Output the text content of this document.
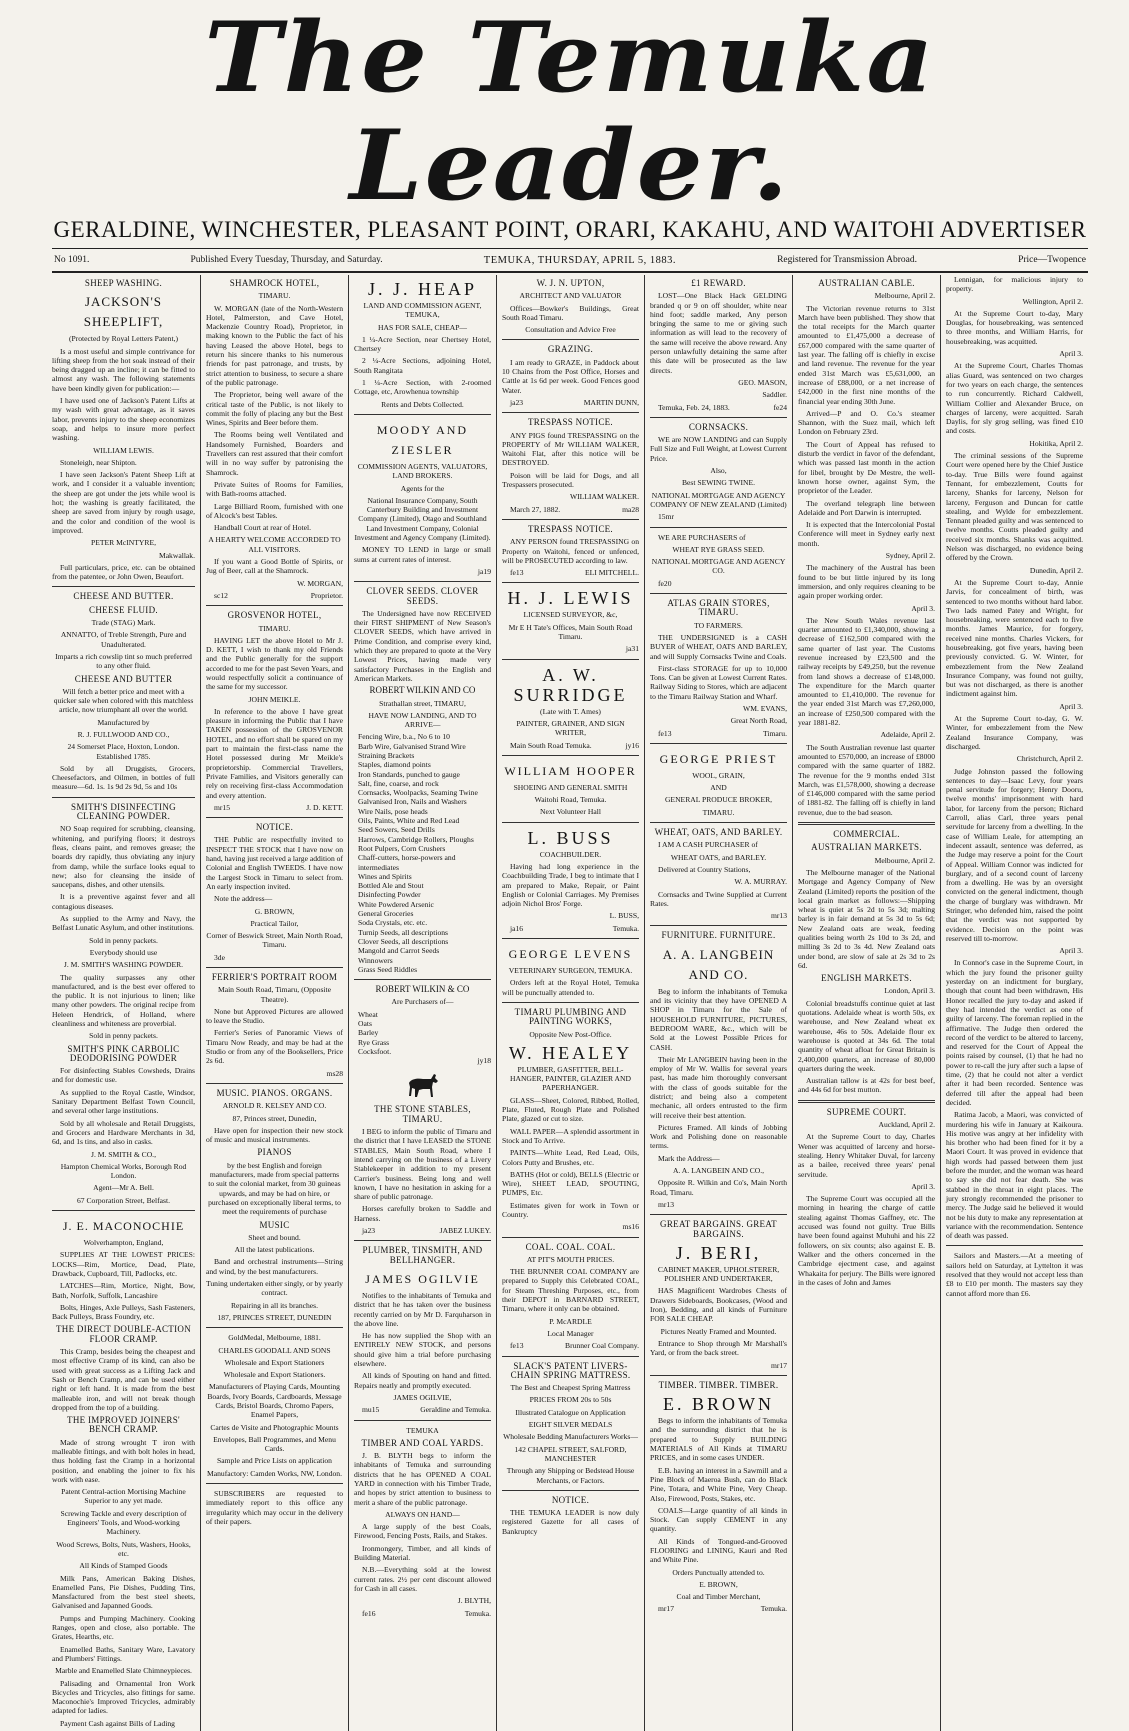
The Temuka Leader.
GERALDINE, WINCHESTER, PLEASANT POINT, ORARI, KAKAHU, AND WAITOHI ADVERTISER
No 1091.	Published Every Tuesday, Thursday, and Saturday.	TEMUKA, THURSDAY, APRIL 5, 1883.	Registered for Transmission Abroad.	Price—Twopence
SHEEP WASHING.
JACKSON'S SHEEPLIFT,

(Protected by Royal Letters Patent,)

Is a most useful and simple contrivance for lifting sheep from the hot soak instead of their being dragged up an incline; it can be fitted to almost any wash. The following statements have been kindly given for publication:—

I have used one of Jackson's Patent Lifts at my wash with great advantage, as it saves labor, prevents injury to the sheep economizes soap, and helps to insure more perfect washing.

WILLIAM LEWIS.

Stoneleigh, near Shipton.

I have seen Jackson's Patent Sheep Lift at work, and I consider it a valuable invention; the sheep are got under the jets while wool is hot; the washing is greatly facilitated, the sheep are saved from injury by rough usage, and the color and condition of the wool is improved.

PETER McINTYRE,

Makwallak.

Full particulars, price, etc. can be obtained from the patentee, or John Owen, Beaufort.

CHEESE AND BUTTER.
CHEESE FLUID.

Trade (STAG) Mark.

ANNATTO, of Treble Strength, Pure and Unadulterated.

Imparts a rich cowslip tint so much preferred to any other fluid.

CHEESE AND BUTTER

Will fetch a better price and meet with a quicker sale when colored with this matchless article, now triumphant all over the world.

Manufactured by

R. J. FULLWOOD AND CO.,

24 Somerset Place, Hoxton, London. Established 1785.

Sold by all Druggists, Grocers, Cheesefactors, and Oilmen, in bottles of full measure—6d. 1s. 1s 9d 2s 9d, 5s and 10s

SMITH'S DISINFECTING CLEANING POWDER.

NO Soap required for scrubbing, cleansing, whitening, and purifying floors; it destroys fleas, cleans paint, and removes grease; the boards dry rapidly, thus obviating any injury from damp, while the surface looks equal to new; also for cleansing the inside of saucepans, dishes, and other utensils.

It is a preventive against fever and all contagious diseases.

As supplied to the Army and Navy, the Belfast Lunatic Asylum, and other institutions.

Sold in penny packets.

Everybody should use

J. M. SMITH'S WASHING POWDER.

The quality surpasses any other manufactured, and is the best ever offered to the public. It is not injurious to linen; like many other powders. The original recipe from Heleen Hendrick, of Holland, where cleanliness and whiteness are proverbial.

Sold in penny packets.

SMITH'S PINK CARBOLIC DEODORISING POWDER

For disinfecting Stables Cowsheds, Drains and for domestic use.

As supplied to the Royal Castle, Windsor, Sanitary Department Belfast Town Council, and several other large institutions.

Sold by all wholesale and Retail Druggists, and Grocers and Hardware Merchants in 3d, 6d, and 1s tins, and also in casks.

J. M. SMITH & CO.,

Hampton Chemical Works, Borough Rod London.

Agent—Mr A. Bell.

67 Corporation Street, Belfast.

J. E. MACONOCHIE

Wolverhampton, England,

SUPPLIES AT THE LOWEST PRICES: LOCKS—Rim, Mortice, Dead, Plate, Drawback, Cupboard, Till, Padlocks, etc.

LATCHES—Rim, Mortice, Night, Bow, Bath, Norfolk, Suffolk, Lancashire

Bolts, Hinges, Axle Pulleys, Sash Fasteners, Back Pulleys, Brass Foundry, etc.

THE DIRECT DOUBLE-ACTION FLOOR CRAMP.

This Cramp, besides being the cheapest and most effective Cramp of its kind, can also be used with great success as a Lifting Jack and Sash or Bench Cramp, and can be used either right or left hand. It is made from the best malleable iron, and will not break though dropped from the top of a building.

THE IMPROVED JOINERS' BENCH CRAMP.

Made of strong wrought T iron with malleable fittings, and with bolt holes in head, thus holding fast the Cramp in a horizontal position, and enabling the joiner to fix his work with ease.

Patent Central-action Mortising Machine Superior to any yet made.

Screwing Tackle and every description of Engineers' Tools, and Wood-working Machinery.

Wood Screws, Bolts, Nuts, Washers, Hooks, etc.

All Kinds of Stamped Goods

Milk Pans, American Baking Dishes, Enamelled Pans, Pie Dishes, Pudding Tins, Mansfactured from the best steel sheets, Galvanised and Japanned Goods.

Pumps and Pumping Machinery. Cooking Ranges, open and close, also portable. The Grates, Hearths, etc.

Enamelled Baths, Sanitary Ware, Lavatory and Plumbers' Fittings.

Marble and Enamelled Slate Chimneypieces.

Palisading and Ornamental Iron Work Bicycles and Tricycles, also fittings for same. Maconochie's Improved Tricycles, admirably adapted for ladies.

Payment Cash against Bills of Lading

SHAMROCK HOTEL,

TIMARU.

W. MORGAN (late of the North-Western Hotel, Palmerston, and Cave Hotel, Mackenzie Country Road), Proprietor, in making known to the Public the fact of his having Leased the above Hotel, begs to return his sincere thanks to his numerous friends for past patronage, and trusts, by strict attention to business, to secure a share of the public patronage.

The Proprietor, being well aware of the critical taste of the Public, is not likely to commit the folly of placing any but the Best Wines, Spirits and Beer before them.

The Rooms being well Ventilated and Handsomely Furnished, Boarders and Travellers can rest assured that their comfort will in no way suffer by patronising the Shamrock.

Private Suites of Rooms for Families, with Bath-rooms attached.

Large Billiard Room, furnished with one of Alcock's best Tables.

Handball Court at rear of Hotel.

A HEARTY WELCOME ACCORDED TO ALL VISITORS.

If you want a Good Bottle of Spirits, or Jug of Beer, call at the Shamrock.

W. MORGAN,

sc12	Proprietor.

GROSVENOR HOTEL,

TIMARU.

HAVING LET the above Hotel to Mr J. D. KETT, I wish to thank my old Friends and the Public generally for the support accorded to me for the past Seven Years, and would respectfully solicit a continuance of the same for my successor.

JOHN MEIKLE.

In reference to the above I have great pleasure in informing the Public that I have TAKEN possession of the GROSVENOR HOTEL, and no effort shall be spared on my part to maintain the first-class name the Hotel possessed during Mr Meikle's proprietorship. Commercial Travellers, Private Families, and Visitors generally can rely on receiving first-class Accommodation and every attention.

mr15	J. D. KETT.

NOTICE.

THE Public are respectfully invited to INSPECT THE STOCK that I have now on hand, having just received a large addition of Colonial and English TWEEDS. I have now the Largest Stock in Timaru to select from. An early inspection invited.

Note the address—

G. BROWN,

Practical Tailor,

Corner of Beswick Street, Main North Road, Timaru.

3de

FERRIER'S PORTRAIT ROOM

Main South Road, Timaru, (Opposite Theatre).

None but Approved Pictures are allowed to leave the Studio.

Ferrier's Series of Panoramic Views of Timaru Now Ready, and may be had at the Studio or from any of the Booksellers, Price 2s 6d.

ms28

MUSIC. PIANOS. ORGANS.

ARNOLD R. KELSEY AND CO.

87, Princes street, Dunedin,

Have open for inspection their new stock of music and musical instruments.

PIANOS

by the best English and foreign manufacturers, made from special patterns to suit the colonial market, from 30 guineas upwards, and may be had on hire, or purchased on exceptionally liberal terms, to meet the requirements of purchase

MUSIC

Sheet and bound.

All the latest publications.

Band and orchestral instruments—String and wind, by the best manufacturers.

Tuning undertaken either singly, or by yearly contract.

Repairing in all its branches.

187, PRINCES STREET, DUNEDIN

GoldMedal, Melbourne, 1881.

CHARLES GOODALL AND SONS

Wholesale and Export Stationers

Wholesale and Export Stationers.

Manufacturers of Playing Cards, Mounting Boards, Ivory Boards, Cardboards, Message Cards, Bristol Boards, Chromo Papers, Enamel Papers,

Cartes de Visite and Photographic Mounts

Envelopes, Ball Programmes, and Menu Cards.

Sample and Price Lists on application

Manufactory: Camden Works, NW, London.

SUBSCRIBERS are requested to immediately report to this office any irregularity which may occur in the delivery of their papers.

J. J. HEAP

LAND AND COMMISSION AGENT, TEMUKA,

HAS FOR SALE, CHEAP—

1 ¼-Acre Section, near Chertsey Hotel, Chertsey

2 ¼-Acre Sections, adjoining Hotel, South Rangitata

1 ¼-Acre Section, with 2-roomed Cottage, etc, Arowhenua township

Rents and Debts Collected.

MOODY AND ZIESLER

COMMISSION AGENTS, VALUATORS, LAND BROKERS.

Agents for the

National Insurance Company, South Canterbury Building and Investment Company (Limited), Otago and Southland Land Investment Company, Colonial Investment and Agency Company (Limited).

MONEY TO LEND in large or small sums at current rates of interest.

ja19

CLOVER SEEDS. CLOVER SEEDS.

The Undersigned have now RECEIVED their FIRST SHIPMENT of New Season's CLOVER SEEDS, which have arrived in Prime Condition, and comprise every kind, which they are prepared to quote at the Very Lowest Prices, having made very satisfactory Purchases in the English and American Markets.

ROBERT WILKIN AND CO

Strathallan street, TIMARU,

HAVE NOW LANDING, AND TO ARRIVE—

Fencing Wire, b.a., No 6 to 10
Barb Wire, Galvanised Strand Wire
Straining Brackets
Staples, diamond points
Iron Standards, punched to gauge
Salt, fine, coarse, and rock
Cornsacks, Woolpacks, Seaming Twine
Galvanised Iron, Nails and Washers
Wire Nails, pose heads
Oils, Paints, White and Red Lead
Seed Sowers, Seed Drills
Harrows, Cambridge Rollers, Ploughs
Root Pulpers, Corn Crushers
Chaff-cutters, horse-powers and intermediates
Wines and Spirits
Bottled Ale and Stout
Disinfecting Powder
White Powdered Arsenic
General Groceries
Soda Crystals, etc. etc.
Turnip Seeds, all descriptions
Clover Seeds, all descriptions
Mangold and Carrot Seeds
Winnowers
Grass Seed Riddles

ROBERT WILKIN & CO

Are Purchasers of—

Wheat
Oats
Barley
Rye Grass
Cocksfoot.

jy18

THE STONE STABLES, TIMARU.

I BEG to inform the public of Timaru and the district that I have LEASED the STONE STABLES, Main South Road, where I intend carrying on the business of a Livery Stablekeeper in addition to my present Carrier's business. Being long and well known, I have no hesitation in asking for a share of public patronage.

Horses carefully broken to Saddle and Harness.

ja23	JABEZ LUKEY.

PLUMBER, TINSMITH, AND BELLHANGER.
JAMES OGILVIE

Notifies to the inhabitants of Temuka and district that he has taken over the business recently carried on by Mr D. Farquharson in the above line.

He has now supplied the Shop with an ENTIRELY NEW STOCK, and persons should give him a trial before purchasing elsewhere.

All kinds of Spouting on hand and fitted. Repairs neatly and promptly executed.

JAMES OGILVIE,

mu15	Geraldine and Temuka.

TEMUKA

TIMBER AND COAL YARDS.

J. B. BLYTH begs to inform the inhabitants of Temuka and surrounding districts that he has OPENED A COAL YARD in connection with his Timber Trade, and hopes by strict attention to business to merit a share of the public patronage.

ALWAYS ON HAND—

A large supply of the best Coals, Firewood, Fencing Posts, Rails, and Stakes.

Ironmongery, Timber, and all kinds of Building Material.

N.B.—Everything sold at the lowest current rates. 2½ per cent discount allowed for Cash in all cases.

J. BLYTH,

fe16	Temuka.

W. J. N. UPTON,

ARCHITECT AND VALUATOR

Offices—Bowker's Buildings, Great South Road Timaru.

Consultation and Advice Free

GRAZING.

I am ready to GRAZE, in Paddock about 10 Chains from the Post Office, Horses and Cattle at 1s 6d per week. Good Fences good Water.

ja23	MARTIN DUNN,

TRESPASS NOTICE.

ANY PIGS found TRESPASSING on the PROPERTY of Mr WILLIAM WALKER, Waitohi Flat, after this notice will be DESTROYED.

Poison will be laid for Dogs, and all Trespassers prosecuted.

WILLIAM WALKER.

March 27, 1882.	ma28

TRESPASS NOTICE.

ANY PERSON found TRESPASSING on Property on Waitohi, fenced or unfenced, will be PROSECUTED according to law.

fe13	ELI MITCHELL.

H. J. LEWIS

LICENSED SURVEYOR, &c,

Mr E H Tate's Offices, Main South Road Timaru.

ja31

A. W. SURRIDGE

(Late with T. Ames)

PAINTER, GRAINER, AND SIGN WRITER,

Main South Road Temuka.	jy16

WILLIAM HOOPER

SHOEING AND GENERAL SMITH

Waitohi Road, Temuka.

Next Volunteer Hall

L. BUSS

COACHBUILDER.

Having had long experience in the Coachbuilding Trade, I beg to intimate that I am prepared to Make, Repair, or Paint English or Colonial Carriages. My Premises adjoin Nichol Bros' Forge.

L. BUSS,

ja16	Temuka.

GEORGE LEVENS

VETERINARY SURGEON, TEMUKA.

Orders left at the Royal Hotel, Temuka will be punctually attended to.

TIMARU PLUMBING AND PAINTING WORKS,

Opposite New Post-Office.

W. HEALEY

PLUMBER, GASFITTER, BELL-HANGER, PAINTER, GLAZIER AND PAPERHANGER.

GLASS—Sheet, Colored, Ribbed, Rolled, Plate, Fluted, Rough Plate and Polished Plate, glazed or cut to size.

WALL PAPER—A splendid assortment in Stock and To Arrive.

PAINTS—White Lead, Red Lead, Oils, Colors Putty and Brushes, etc.

BATHS (Hot or cold), BELLS (Electric or Wire), SHEET LEAD, SPOUTING, PUMPS, Etc.

Estimates given for work in Town or Country.

ms16

COAL. COAL. COAL.

AT PIT'S MOUTH PRICES.

THE BRUNNER COAL COMPANY are prepared to Supply this Celebrated COAL, for Steam Threshing Purposes, etc., from their DEPOT in BARNARD STREET, Timaru, where it only can be obtained.

P. McARDLE

Local Manager

fe13	Brunner Coal Company.

SLACK'S PATENT LIVERS-CHAIN SPRING MATTRESS.

The Best and Cheapest Spring Mattress

PRICES FROM 20s to 50s

Illustrated Catalogue on Application

EIGHT SILVER MEDALS

Wholesale Bedding Manufacturers Works—

142 CHAPEL STREET, SALFORD, MANCHESTER

Through any Shipping or Bedstead House Merchants, or Factors.

NOTICE.

THE TEMUKA LEADER is now duly registered Gazette for all cases of Bankruptcy

£1 REWARD.

LOST—One Black Hack GELDING branded q or 9 on off shoulder, white near hind foot; saddle marked, Any person bringing the same to me or giving such information as will lead to the recovery of the same will receive the above reward. Any person unlawfully detaining the same after this date will be prosecuted as the law directs.

GEO. MASON,

Saddler.

Temuka, Feb. 24, 1883.	fe24

CORNSACKS.

WE are NOW LANDING and can Supply Full Size and Full Weight, at Lowest Current Price.

Also,

Best SEWING TWINE.

NATIONAL MORTGAGE AND AGENCY COMPANY OF NEW ZEALAND (Limited)

15mr

WE ARE PURCHASERS of

WHEAT RYE GRASS SEED.

NATIONAL MORTGAGE AND AGENCY CO.

fe20

ATLAS GRAIN STORES, TIMARU.

TO FARMERS.

THE UNDERSIGNED is a CASH BUYER of WHEAT, OATS AND BARLEY, and will Supply Cornsacks Twine and Coals.

First-class STORAGE for up to 10,000 Tons. Can be given at Lowest Current Rates. Railway Siding to Stores, which are adjacent to the Timaru Railway Station and Wharf.

WM. EVANS,

Great North Road,

fe13	Timaru.

GEORGE PRIEST

WOOL, GRAIN,

AND

GENERAL PRODUCE BROKER,

TIMARU.

WHEAT, OATS, AND BARLEY.

I AM A CASH PURCHASER of

WHEAT OATS, and BARLEY.

Delivered at Country Stations,

W. A. MURRAY.

Cornsacks and Twine Supplied at Current Rates.

mr13

FURNITURE. FURNITURE.
A. A. LANGBEIN AND CO.

Beg to inform the inhabitants of Temuka and its vicinity that they have OPENED A SHOP in Timaru for the Sale of HOUSEHOLD FURNITURE, PICTURES, BEDROOM WARE, &c., which will be Sold at the Lowest Possible Prices for CASH.

Their Mr LANGBEIN having been in the employ of Mr W. Wallis for several years past, has made him thoroughly conversant with the class of goods suitable for the district; and being also a competent mechanic, all orders entrusted to the firm will receive their best attention.

Pictures Framed. All kinds of Jobbing Work and Polishing done on reasonable terms.

Mark the Address—

A. A. LANGBEIN AND CO.,

Opposite R. Wilkin and Co's, Main North Road, Timaru.

mr13

GREAT BARGAINS. GREAT BARGAINS.
J. BERI,

CABINET MAKER, UPHOLSTERER, POLISHER AND UNDERTAKER,

HAS Magnificent Wardrobes Chests of Drawers Sideboards, Bookcases, (Wood and Iron), Bedding, and all kinds of Furniture FOR SALE CHEAP.

Pictures Neatly Framed and Mounted.

Entrance to Shop through Mr Marshall's Yard, or from the back street.

mr17

TIMBER. TIMBER. TIMBER.
E. BROWN

Begs to inform the inhabitants of Temuka and the surrounding district that he is prepared to Supply BUILDING MATERIALS of All Kinds at TIMARU PRICES, and in some cases UNDER.

E.B. having an interest in a Sawmill and a Pine Block of Maeroa Bush, can do Black Pine, Totara, and White Pine, Very Cheap. Also, Firewood, Posts, Stakes, etc.

COALS—Large quantity of all kinds in Stock. Can supply CEMENT in any quantity.

All Kinds of Tongued-and-Grooved FLOORING and LINING, Kauri and Red and White Pine.

Orders Punctually attended to.

E. BROWN,

Coal and Timber Merchant,

mr17	Temuka.

AUSTRALIAN CABLE.

Melbourne, April 2.

The Victorian revenue returns to 31st March have been published. They show that the total receipts for the March quarter amounted to £1,475,000 a decrease of £67,000 compared with the same quarter of last year. The falling off is chiefly in excise and land revenue. The revenue for the year ended 31st March was £5,631,000, an increase of £88,000, or a net increase of £42,000 in the first nine months of the financial year ending 30th June.

Arrived—P and O. Co.'s steamer Shannon, with the Suez mail, which left London on February 23rd.

The Court of Appeal has refused to disturb the verdict in favor of the defendant, which was passed last month in the action for libel, brought by De Mestre, the well-known horse owner, against Sym, the proprietor of the Leader.

The overland telegraph line between Adelaide and Port Darwin is interrupted.

It is expected that the Intercolonial Postal Conference will meet in Sydney early next month.

Sydney, April 2.

The machinery of the Austral has been found to be but little injured by its long immersion, and only requires cleaning to be again proper working order.

April 3.

The New South Wales revenue last quarter amounted to £1,340,000, showing a decrease of £162,500 compared with the same quarter of last year. The Customs revenue increased by £23,500 and the railway receipts by £49,250, but the revenue from land shows a decrease of £148,000. The expenditure for the March quarter amounted to £1,410,000. The revenue for the year ended 31st March was £7,260,000, an increase of £250,500 compared with the year 1881-82.

Adelaide, April 2.

The South Australian revenue last quarter amounted to £570,000, an increase of £8000 compared with the same quarter of 1882. The revenue for the 9 months ended 31st March, was £1,578,000, showing a decrease of £146,000 compared with the same period of 1881-82. The falling off is chiefly in land revenue, due to the bad season.

COMMERCIAL.
AUSTRALIAN MARKETS.

Melbourne, April 2.

The Melbourne manager of the National Mortgage and Agency Company of New Zealand (Limited) reports the position of the local grain market as follows:—Shipping wheat is quiet at 5s 2d to 5s 3d; malting barley is in fair demand at 5s 3d to 5s 6d; New Zealand oats are weak, feeding qualities being worth 2s 10d to 3s 2d, and milling 3s 2d to 3s 4d. New Zealand oats under bond, are slow of sale at 2s 3d to 2s 6d.

ENGLISH MARKETS.

London, April 3.

Colonial breadstuffs continue quiet at last quotations. Adelaide wheat is worth 50s, ex warehouse, and New Zealand wheat ex warehouse, 46s to 50s. Adelaide flour ex warehouse is quoted at 34s 6d. The total quantity of wheat afloat for Great Britain is 2,400,000 quarters, an increase of 80,000 quarters during the week.

Australian tallow is at 42s for best beef, and 44s 6d for best mutton.

SUPREME COURT.

Auckland, April 2.

At the Supreme Court to day, Charles Wener was acquitted of larceny and horse-stealing. Henry Whitaker Duval, for larceny as a bailee, received three years' penal servitude.

April 3.

The Supreme Court was occupied all the morning in hearing the charge of cattle stealing against Thomas Gaffney, etc. The accused was found not guilty. True Bills have been found against Muhuhi and his 22 followers, on six counts; also against E. B. Walker and the others concerned in the Cambridge ejectment case, and against Whakaita for perjury. The Bills were ignored in the cases of John and James

Lennigan, for malicious injury to property.

Wellington, April 2.

At the Supreme Court to-day, Mary Douglas, for housebreaking, was sentenced to three months, and William Harris, for housebreaking, was acquitted.

April 3.

At the Supreme Court, Charles Thomas alias Guard, was sentenced on two charges for two years on each charge, the sentences to run concurrently. Richard Caldwell, William Collier and Alexander Bruce, on charges of larceny, were acquitted. Sarah Daylis, for sly grog selling, was fined £10 and costs.

Hokitika, April 2.

The criminal sessions of the Supreme Court were opened here by the Chief Justice to-day. True Bills were found against Tennant, for embezzlement, Coutts for larceny, Shanks for larceny, Nelson for larceny, Ferguson and Duncan for cattle stealing, and Wylde for embezzlement. Tennant pleaded guilty and was sentenced to twelve months. Coutts pleaded guilty and received six months. Shanks was acquitted. Nelson was discharged, no evidence being offered by the Crown.

Dunedin, April 2.

At the Supreme Court to-day, Annie Jarvis, for concealment of birth, was sentenced to two months without hard labor. Two lads named Patey and Wright, for housebreaking, were sentenced each to five months. James Maurice, for forgery, received nine months. Charles Vickers, for housebreaking, got five years, having been previously convicted. G. W. Winter, for embezzlement from the New Zealand Insurance Company, was found not guilty, but was not discharged, as there is another indictment against him.

April 3.

At the Supreme Court to-day, G. W. Winter, for embezzlement from the New Zealand Insurance Company, was discharged.

Christchurch, April 2.

Judge Johnston passed the following sentences to day—Isaac Levy, four years penal servitude for forgery; Henry Dooru, twelve months' imprisonment with hard labor, for larceny from the person; Richard Carroll, alias Carl, three years penal servitude for larceny from a dwelling. In the case of William Leale, for attempting an indecent assault, sentence was deferred, as the Judge may reserve a point for the Court of Appeal. William Connor was indicted for burglary, and of a second count of larceny from a dwelling. He was by an oversight convicted on the general indictment, though the charge of burglary was withdrawn. Mr Stringer, who defended him, raised the point that the verdict was not supported by evidence. Decision on the point was reserved till to-morrow.

April 3.

In Connor's case in the Supreme Court, in which the jury found the prisoner guilty yesterday on an indictment for burglary, though that count had been withdrawn, His Honor recalled the jury to-day and asked if they had intended the verdict as one of guilty of larceny. The foreman replied in the affirmative. The Judge then ordered the record of the verdict to be altered to larceny, and reserved for the Court of Appeal the points raised by counsel, (1) that he had no power to re-call the jury after such a lapse of time, (2) that he could not alter a verdict after it had been recorded. Sentence was deferred till after the appeal had been decided.

Ratima Jacob, a Maori, was convicted of murdering his wife in January at Kaikoura. His motive was angry at her infidelity with his brother who had been fined for it by a Maori Court. It was proved in evidence that high words had passed between them just before the murder, and the woman was heard to say she did not fear death. She was stabbed in the throat in eight places. The jury strongly recommended the prisoner to mercy. The Judge said he believed it would not be his duty to make any representation at variance with the recommendation. Sentence of death was passed.

Sailors and Masters.—At a meeting of sailors held on Saturday, at Lyttelton it was resolved that they would not accept less than £8 to £10 per month. The masters say they cannot afford more than £6.
